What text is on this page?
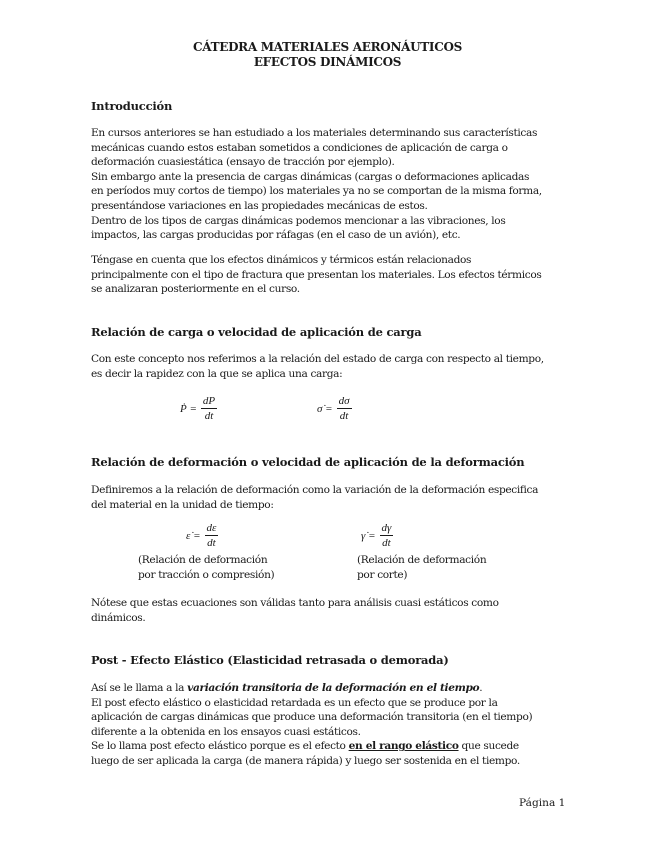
CÁTEDRA MATERIALES AERONÁUTICOS
EFECTOS DINÁMICOS
Introducción

En cursos anteriores se han estudiado a los materiales determinando sus características
mecánicas cuando estos estaban sometidos a condiciones de aplicación de carga o
deformación cuasiestática (ensayo de tracción por ejemplo).

Sin embargo ante la presencia de cargas dinámicas (cargas o deformaciones aplicadas
en períodos muy cortos de tiempo) los materiales ya no se comportan de la misma forma,
presentándose variaciones en las propiedades mecánicas de estos.

Dentro de los tipos de cargas dinámicas podemos mencionar a las vibraciones, los
impactos, las cargas producidas por ráfagas (en el caso de un avión), etc.

Téngase en cuenta que los efectos dinámicos y térmicos están relacionados
principalmente con el tipo de fractura que presentan los materiales. Los efectos térmicos
se analizaran posteriormente en el curso.

Relación de carga o velocidad de aplicación de carga

Con este concepto nos referimos a la relación del estado de carga con respecto al tiempo,
es decir la rapidez con la que se aplica una carga:

Ṗ = $\frac{dP}{dt}$	σ̇ = $\frac{d\sigma}{dt}$
Relación de deformación o velocidad de aplicación de la deformación

Definiremos a la relación de deformación como la variación de la deformación especifica
del material en la unidad de tiempo:

ε̇ = $\frac{d\varepsilon}{dt}$	γ̇ = $\frac{d\gamma}{dt}$
(Relación de deformación
por tracción o compresión)
(Relación de deformación
por corte)

Nótese que estas ecuaciones son válidas tanto para análisis cuasi estáticos como
dinámicos.

Post - Efecto Elástico (Elasticidad retrasada o demorada)

Así se le llama a la variación transitoria de la deformación en el tiempo.
El post efecto elástico o elasticidad retardada es un efecto que se produce por la
aplicación de cargas dinámicas que produce una deformación transitoria (en el tiempo)
diferente a la obtenida en los ensayos cuasi estáticos.
Se lo llama post efecto elástico porque es el efecto en el rango elástico que sucede
luego de ser aplicada la carga (de manera rápida) y luego ser sostenida en el tiempo.

Página 1
